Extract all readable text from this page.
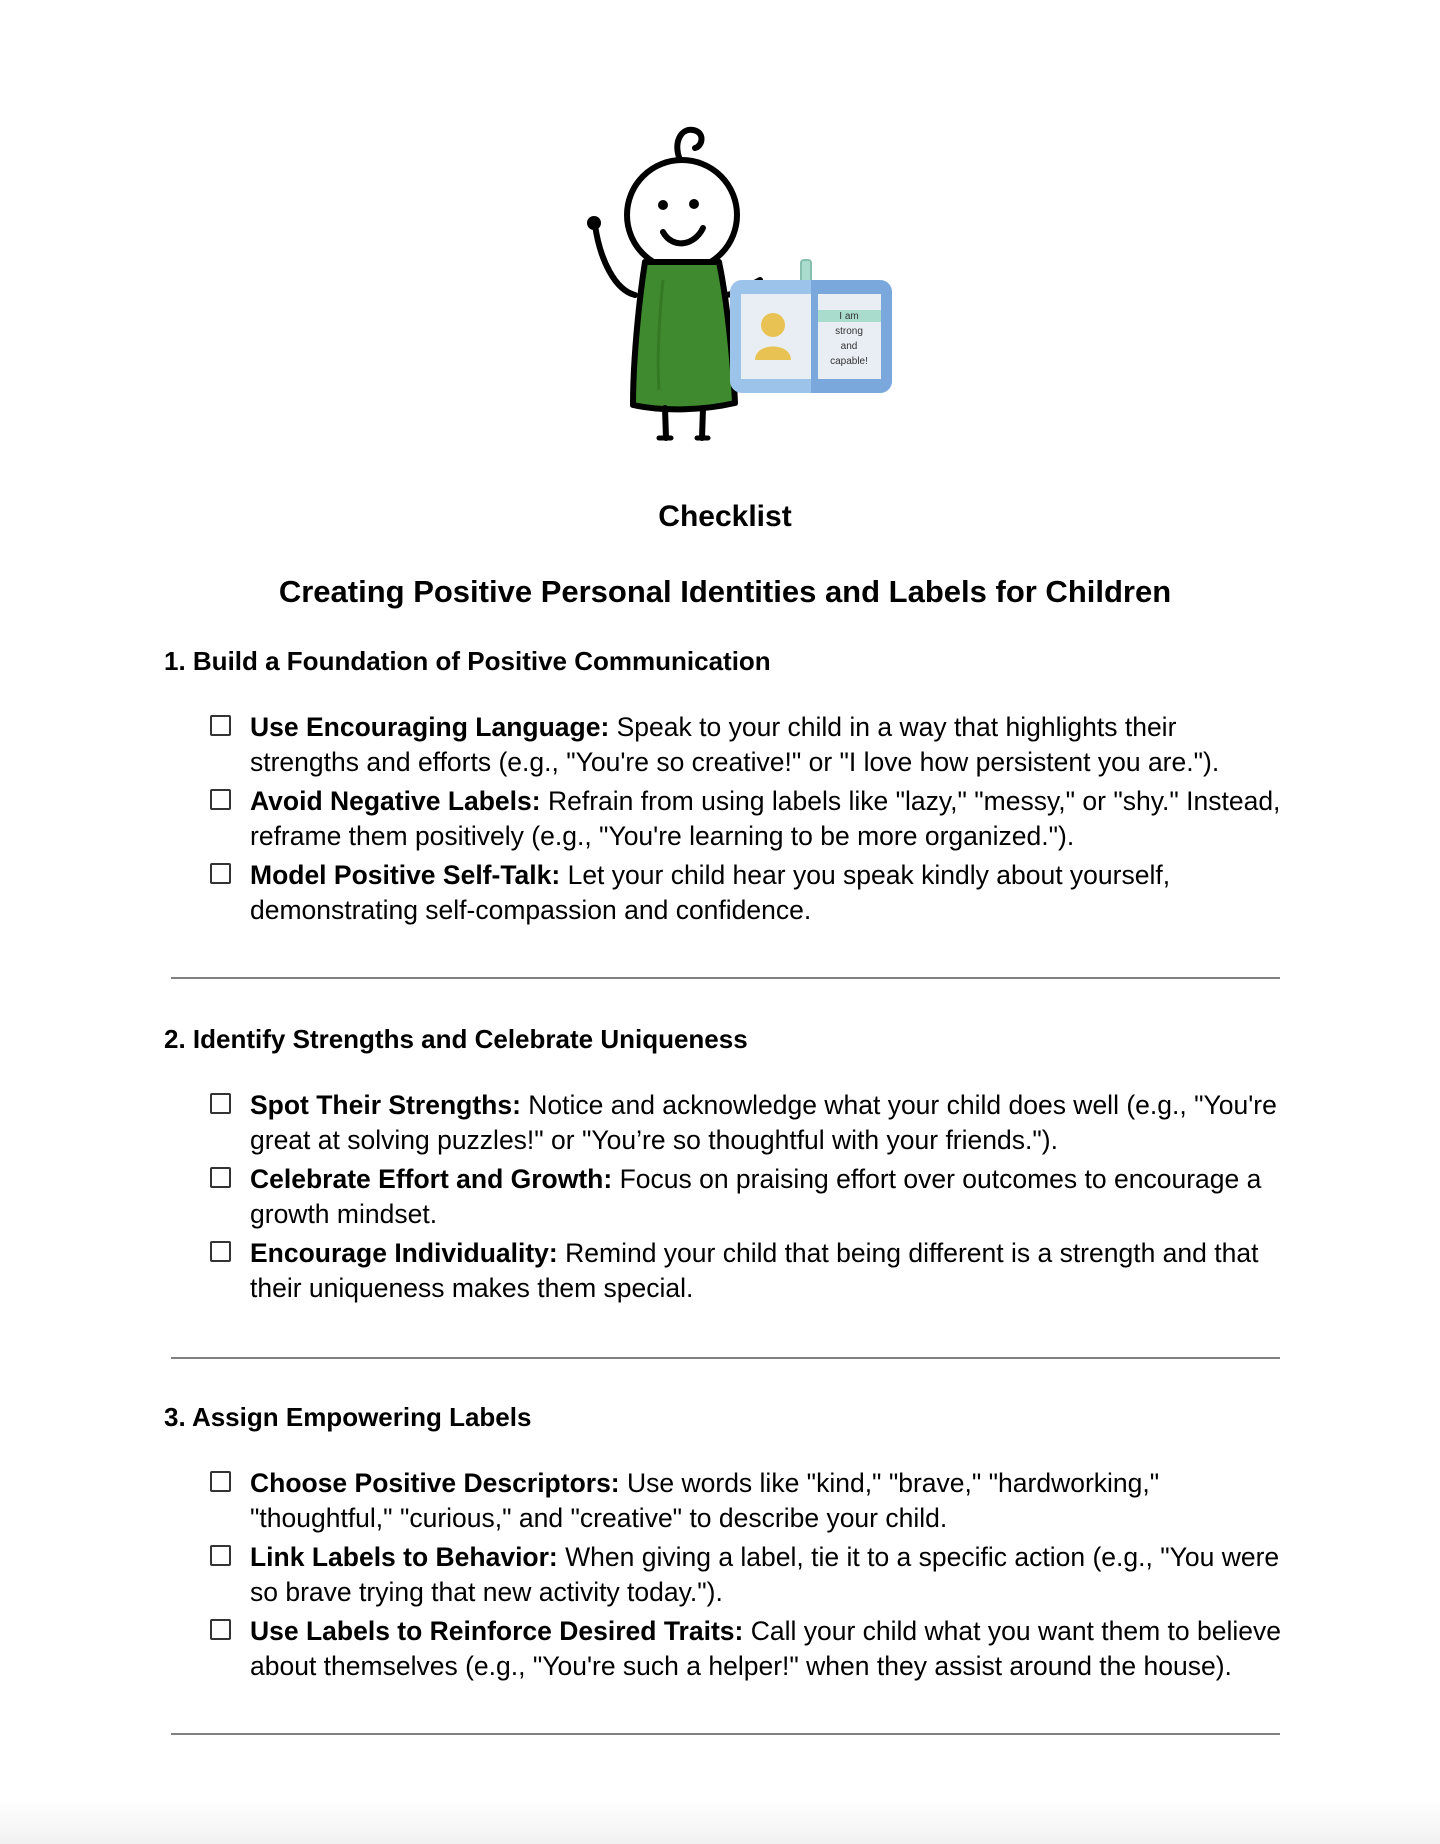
I am
strong
and
capable!
Checklist
Creating Positive Personal Identities and Labels for Children
1. Build a Foundation of Positive Communication
Use Encouraging Language: Speak to your child in a way that highlights their strengths and efforts (e.g., "You're so creative!" or "I love how persistent you are.").
Avoid Negative Labels: Refrain from using labels like "lazy," "messy," or "shy." Instead, reframe them positively (e.g., "You're learning to be more organized.").
Model Positive Self-Talk: Let your child hear you speak kindly about yourself, demonstrating self-compassion and confidence.
2. Identify Strengths and Celebrate Uniqueness
Spot Their Strengths: Notice and acknowledge what your child does well (e.g., "You're great at solving puzzles!" or "You’re so thoughtful with your friends.").
Celebrate Effort and Growth: Focus on praising effort over outcomes to encourage a growth mindset.
Encourage Individuality: Remind your child that being different is a strength and that their uniqueness makes them special.
3. Assign Empowering Labels
Choose Positive Descriptors: Use words like "kind," "brave," "hardworking," "thoughtful," "curious," and "creative" to describe your child.
Link Labels to Behavior: When giving a label, tie it to a specific action (e.g., "You were so brave trying that new activity today.").
Use Labels to Reinforce Desired Traits: Call your child what you want them to believe about themselves (e.g., "You're such a helper!" when they assist around the house).
